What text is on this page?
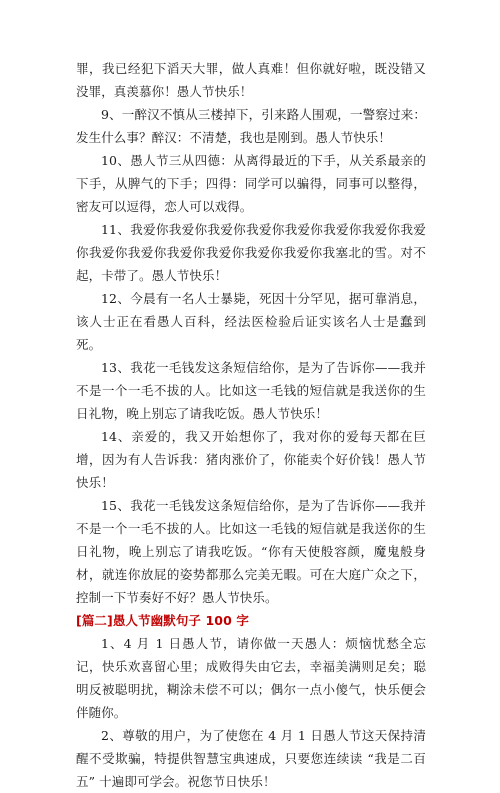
罪，我已经犯下滔天大罪，做人真难！但你就好啦，既没错又没罪，真羡慕你！愚人节快乐！

9、一醉汉不慎从三楼掉下，引来路人围观，一警察过来：发生什么事？醉汉：不清楚，我也是刚到。愚人节快乐！

10、愚人节三从四德：从离得最近的下手，从关系最亲的下手，从脾气的下手；四得：同学可以骗得，同事可以整得，密友可以逗得，恋人可以戏得。

11、我爱你我爱你我爱你我爱你我爱你我爱你我爱你我爱你我爱你我爱你我爱你我爱你我爱你我爱你我塞北的雪。对不起，卡带了。愚人节快乐！

12、今晨有一名人士暴毙，死因十分罕见，据可靠消息，该人士正在看愚人百科，经法医检验后证实该名人士是蠢到死。

13、我花一毛钱发这条短信给你，是为了告诉你——我并不是一个一毛不拔的人。比如这一毛钱的短信就是我送你的生日礼物，晚上别忘了请我吃饭。愚人节快乐！

14、亲爱的，我又开始想你了，我对你的爱每天都在巨增，因为有人告诉我：猪肉涨价了，你能卖个好价钱！愚人节快乐！

15、我花一毛钱发这条短信给你，是为了告诉你——我并不是一个一毛不拔的人。比如这一毛钱的短信就是我送你的生日礼物，晚上别忘了请我吃饭。“你有天使般容颜，魔鬼般身材，就连你放屁的姿势都那么完美无暇。可在大庭广众之下，控制一下节奏好不好？愚人节快乐。

[篇二]愚人节幽默句子 100 字

1、4 月 1 日愚人节，请你做一天愚人：烦恼忧愁全忘记，快乐欢喜留心里；成败得失由它去，幸福美满则足矣；聪明反被聪明扰，糊涂未偿不可以；偶尔一点小傻气，快乐便会伴随你。

2、尊敬的用户，为了使您在 4 月 1 日愚人节这天保持清醒不受欺骗，特提供智慧宝典速成，只要您连续读 “我是二百五” 十遍即可学会。祝您节日快乐！
